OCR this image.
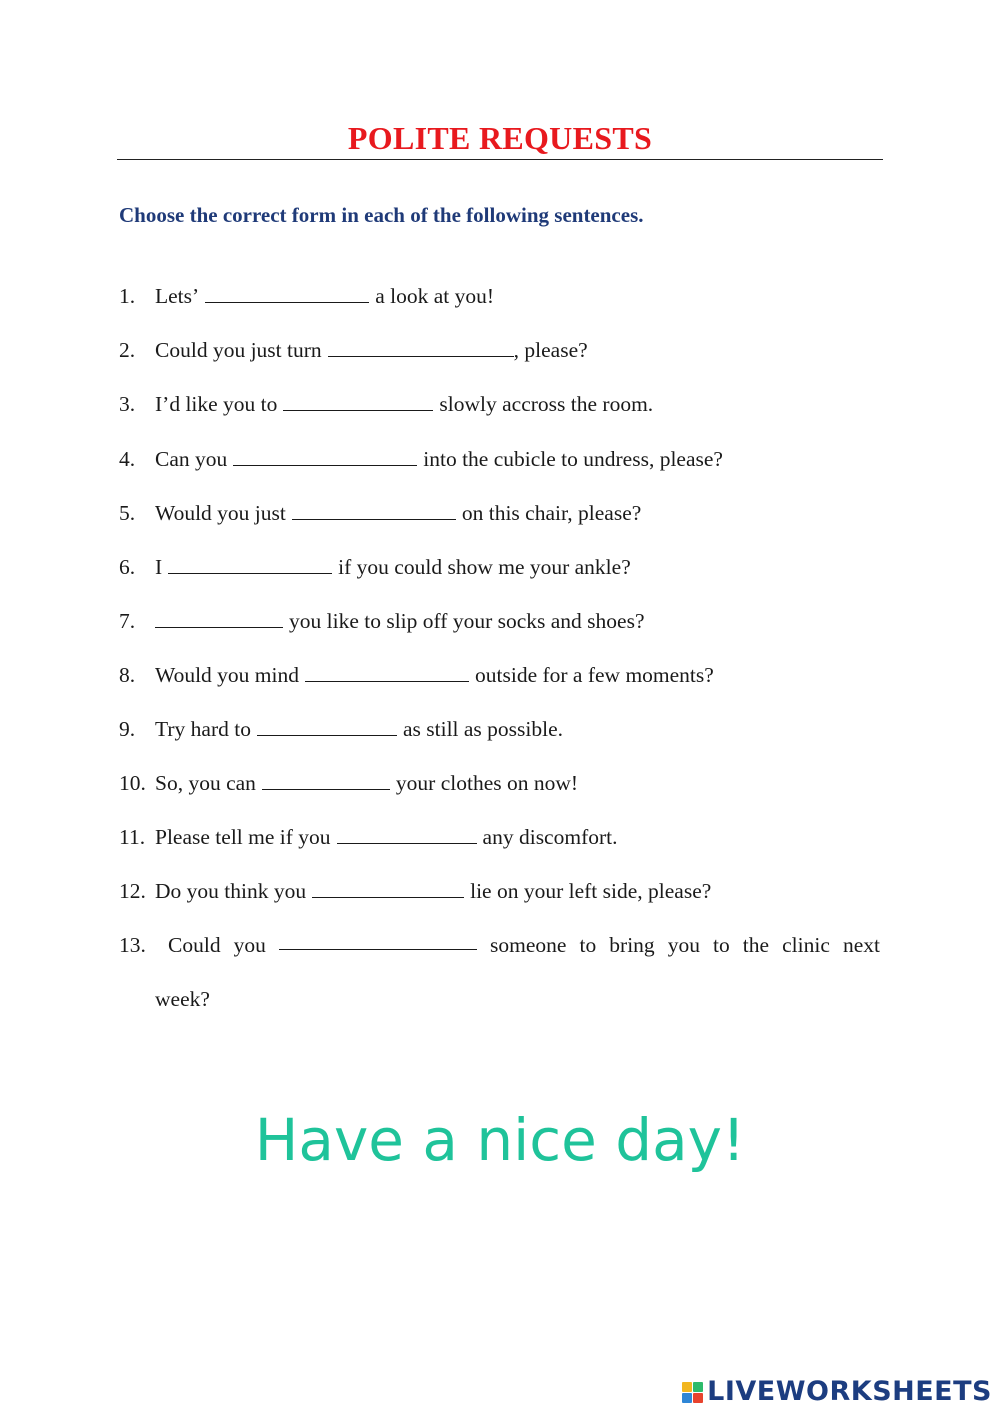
POLITE REQUESTS
Choose the correct form in each of the following sentences.
1. Lets’	a look at you!
2. Could you just turn	, please?
3. I’d like you to	slowly accross the room.
4. Can you	into the cubicle to undress, please?
5. Would you just	on this chair, please?
6. I	if you could show me your ankle?
7.	you like to slip off your socks and shoes?
8. Would you mind	outside for a few moments?
9. Try hard to	as still as possible.
10. So, you can	your clothes on now!
11. Please tell me if you	any discomfort.
12. Do you think you	lie on your left side, please?
13.	Could you	someone to bring you to the clinic next
week?
Have a nice day!
LIVEWORKSHEETS
